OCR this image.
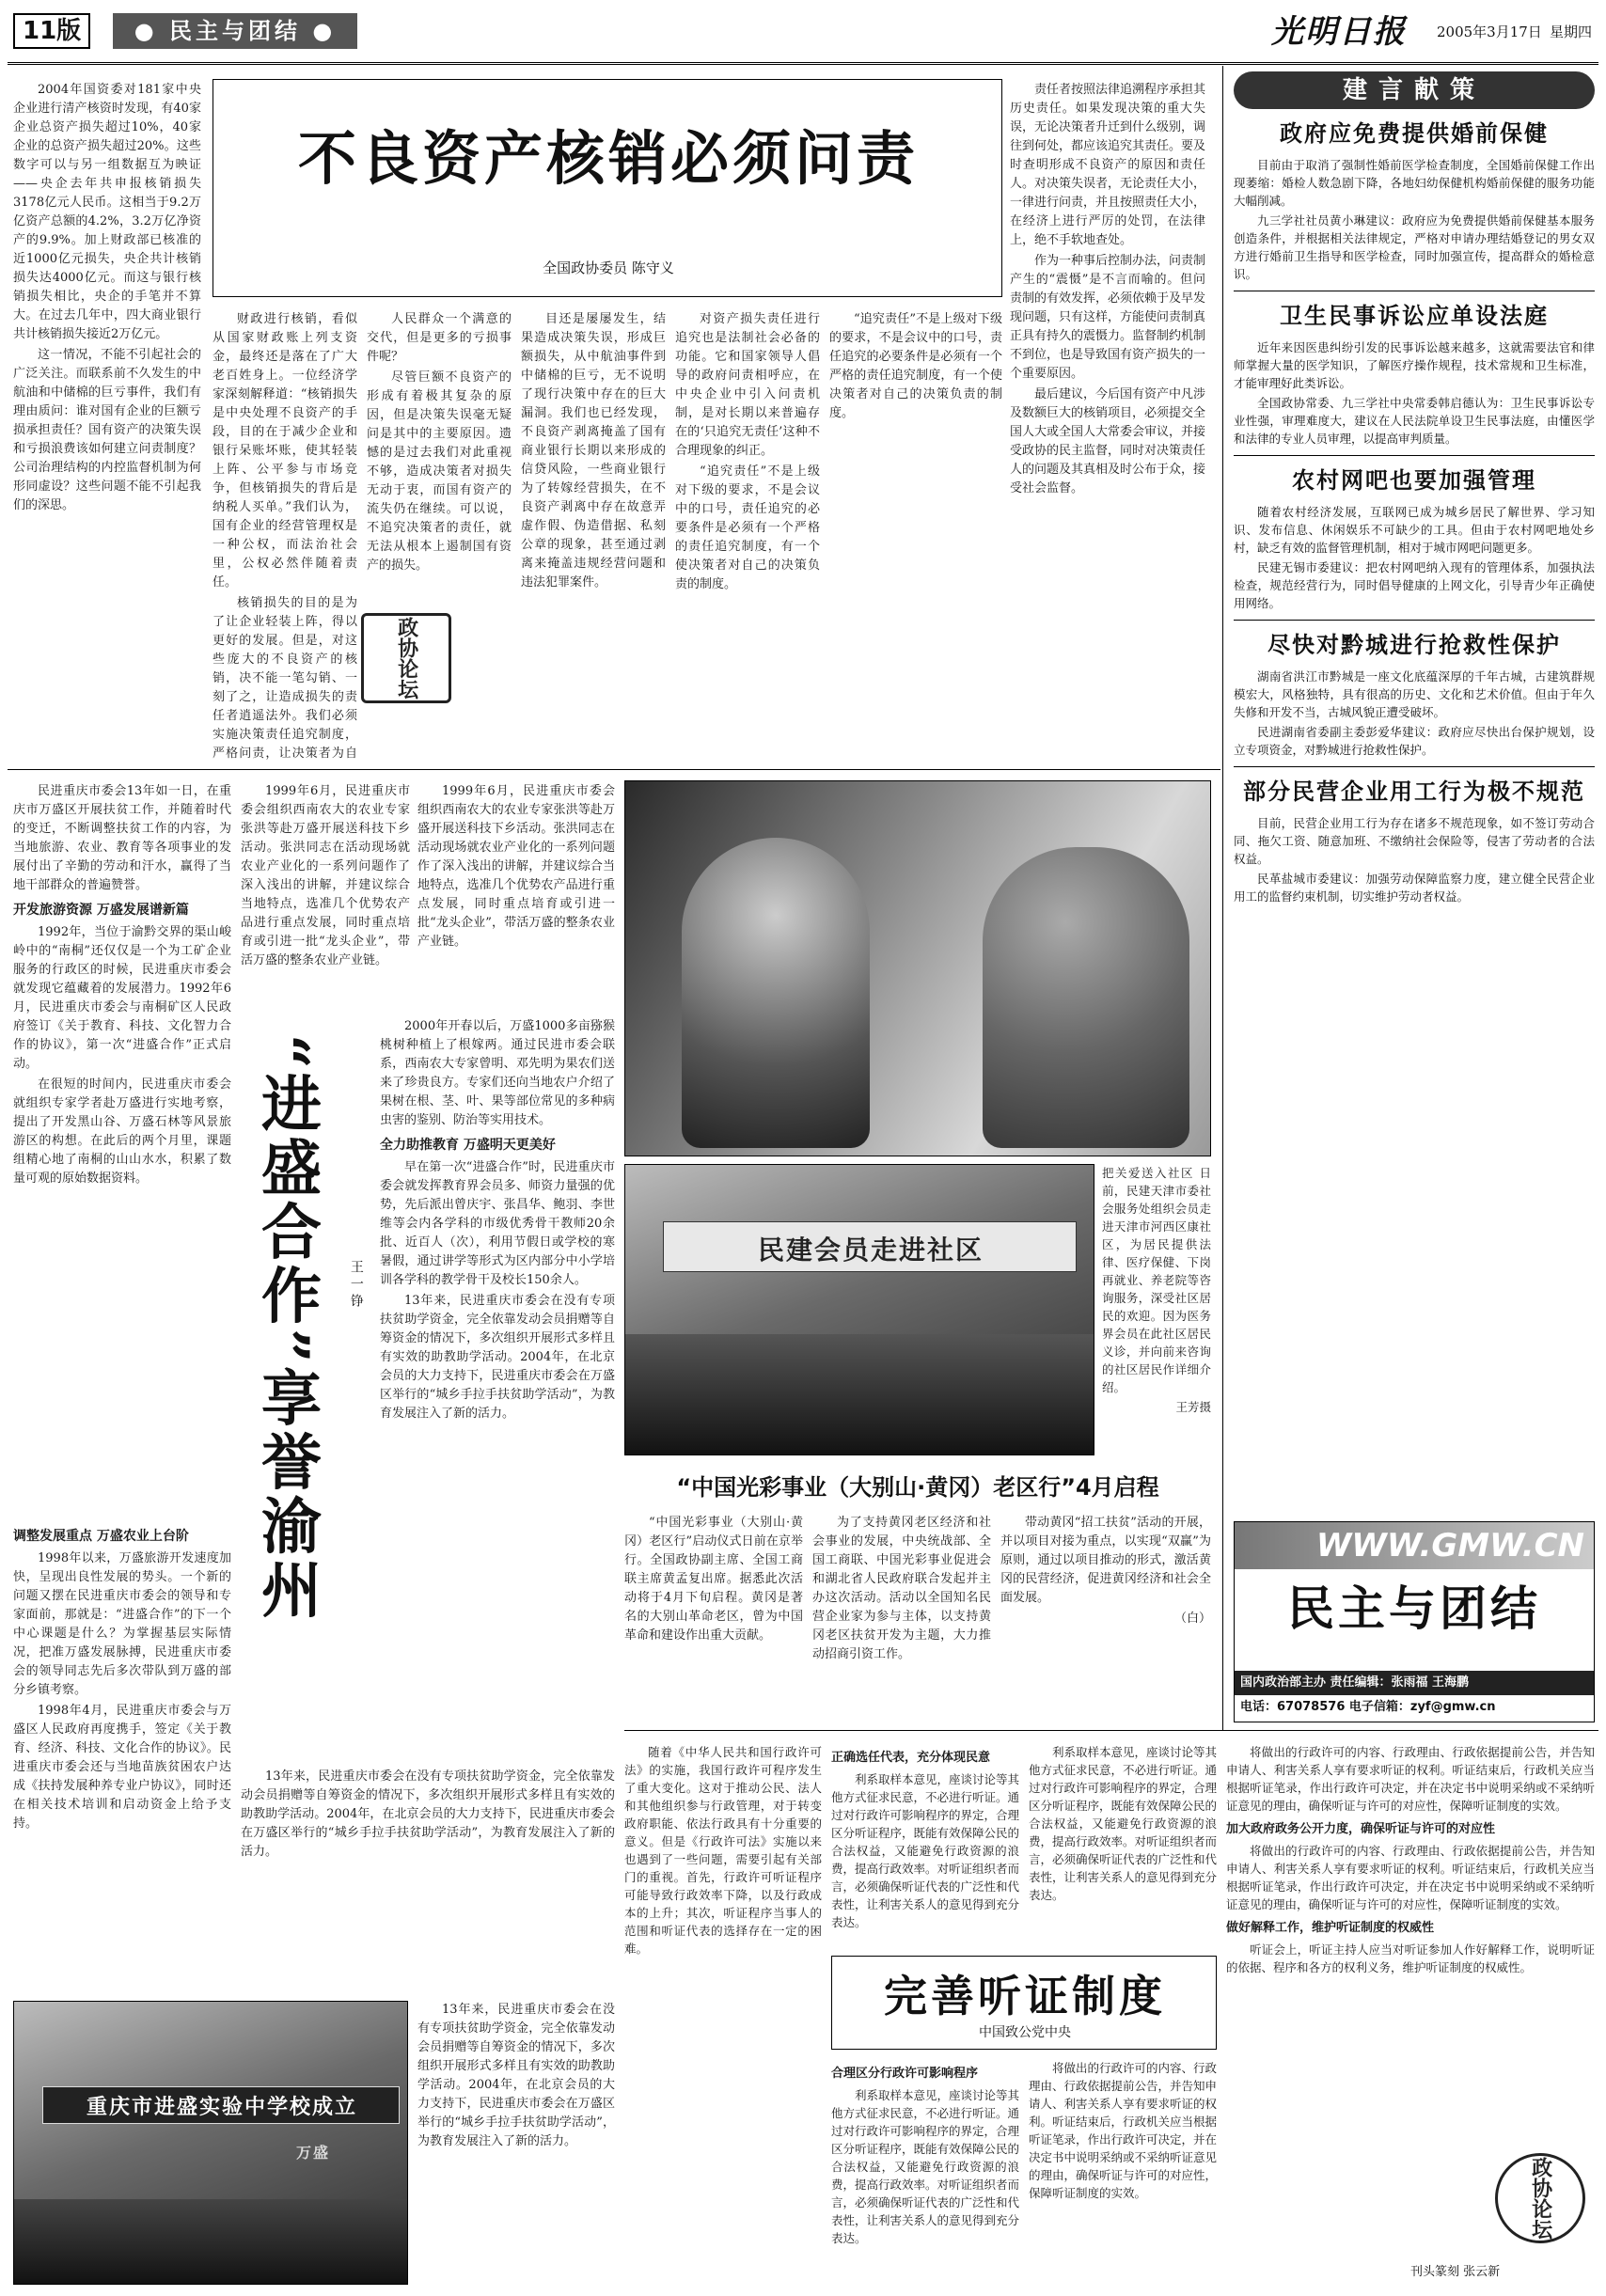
11版	● 民主与团结 ●	光明日报 2005年3月17日 星期四

2004年国资委对181家中央企业进行清产核资时发现，有40家企业总资产损失超过10%，40家企业的总资产损失超过20%。这些数字可以与另一组数据互为映证——央企去年共申报核销损失3178亿元人民币。这相当于9.2万亿资产总额的4.2%，3.2万亿净资产的9.9%。加上财政部已核准的近1000亿元损失，央企共计核销损失达4000亿元。而这与银行核销损失相比，央企的手笔并不算大。在过去几年中，四大商业银行共计核销损失接近2万亿元。

这一情况，不能不引起社会的广泛关注。而联系前不久发生的中航油和中储棉的巨亏事件，我们有理由质问：谁对国有企业的巨额亏损承担责任？国有资产的决策失误和亏损浪费该如何建立问责制度？公司治理结构的内控监督机制为何形同虚设？这些问题不能不引起我们的深思。

不良资产核销必须问责
全国政协委员 陈守义

财政进行核销，看似从国家财政账上列支资金，最终还是落在了广大老百姓身上。一位经济学家深刻解释道：“核销损失是中央处理不良资产的手段，目的在于减少企业和银行呆账坏账，使其轻装上阵、公平参与市场竞争，但核销损失的背后是纳税人买单。”我们认为，国有企业的经营管理权是一种公权，而法治社会里，公权必然伴随着责任。

核销损失的目的是为了让企业轻装上阵，得以更好的发展。但是，对这些庞大的不良资产的核销，决不能一笔勾销、一刻了之，让造成损失的责任者逍遥法外。我们必须实施决策责任追究制度，严格问责，让决策者为自

人民群众一个满意的交代，但是更多的亏损事件呢？

尽管巨额不良资产的形成有着极其复杂的原因，但是决策失误毫无疑问是其中的主要原因。遗憾的是过去我们对此重视不够，造成决策者对损失无动于衷，而国有资产的流失仍在继续。可以说，不追究决策者的责任，就无法从根本上遏制国有资产的损失。

政协论坛

目还是屡屡发生，结果造成决策失误，形成巨额损失，从中航油事件到中储棉的巨亏，无不说明了现行决策中存在的巨大漏洞。我们也已经发现，不良资产剥离掩盖了国有商业银行长期以来形成的信贷风险，一些商业银行为了转嫁经营损失，在不良资产剥离中存在故意弄虚作假、伪造借据、私刻公章的现象，甚至通过剥离来掩盖违规经营问题和违法犯罪案件。

对资产损失责任进行追究也是法制社会必备的功能。它和国家领导人倡导的政府问责相呼应，在中央企业中引入问责机制，是对长期以来普遍存在的‘只追究无责任’这种不合理现象的纠正。

“追究责任”不是上级对下级的要求，不是会议中的口号，责任追究的必要条件是必须有一个严格的责任追究制度，有一个使决策者对自己的决策负责的制度。

责任者按照法律追溯程序承担其历史责任。如果发现决策的重大失误，无论决策者升迁到什么级别，调往到何处，都应该追究其责任。要及时查明形成不良资产的原因和责任人。对决策失误者，无论责任大小，一律进行问责，并且按照责任大小，在经济上进行严厉的处罚，在法律上，绝不手软地查处。

作为一种事后控制办法，问责制产生的“震慑”是不言而喻的。但问责制的有效发挥，必须依赖于及早发现问题，只有这样，方能使问责制真正具有持久的震慑力。监督制约机制不到位，也是导致国有资产损失的一个重要原因。

最后建议，今后国有资产中凡涉及数额巨大的核销项目，必须提交全国人大或全国人大常委会审议，并接受政协的民主监督，同时对决策责任人的问题及其真相及时公布于众，接受社会监督。

“追究责任”不是上级对下级的要求，不是会议中的口号，责任追究的必要条件是必须有一个严格的责任追究制度，有一个使决策者对自己的决策负责的制度。

民进重庆市委会13年如一日，在重庆市万盛区开展扶贫工作，并随着时代的变迁，不断调整扶贫工作的内容，为当地旅游、农业、教育等各项事业的发展付出了辛勤的劳动和汗水，赢得了当地干部群众的普遍赞誉。

开发旅游资源 万盛发展谱新篇

1992年，当位于渝黔交界的渠山峻岭中的“南桐”还仅仅是一个为工矿企业服务的行政区的时候，民进重庆市委会就发现它蕴藏着的发展潜力。1992年6月，民进重庆市委会与南桐矿区人民政府签订《关于教育、科技、文化智力合作的协议》，第一次“进盛合作”正式启动。

在很短的时间内，民进重庆市委会就组织专家学者赴万盛进行实地考察，提出了开发黑山谷、万盛石林等风景旅游区的构想。在此后的两个月里，课题组精心地了南桐的山山水水，积累了数量可观的原始数据资料。	“进盛合作”享誉渝州	王一铮
调整发展重点 万盛农业上台阶

1998年以来，万盛旅游开发速度加快，呈现出良性发展的势头。一个新的问题又摆在民进重庆市委会的领导和专家面前，那就是：“进盛合作”的下一个中心课题是什么？为掌握基层实际情况，把准万盛发展脉搏，民进重庆市委会的领导同志先后多次带队到万盛的部分乡镇考察。

1998年4月，民进重庆市委会与万盛区人民政府再度携手，签定《关于教育、经济、科技、文化合作的协议》。民进重庆市委会还与当地苗族贫困农户达成《扶持发展种养专业户协议》，同时还在相关技术培训和启动资金上给予支持。

1999年6月，民进重庆市委会组织西南农大的农业专家张洪等赴万盛开展送科技下乡活动。张洪同志在活动现场就农业产业化的一系列问题作了深入浅出的讲解，并建议综合当地特点，选准几个优势农产品进行重点发展，同时重点培育或引进一批“龙头企业”，带活万盛的整条农业产业链。

2000年开春以后，万盛1000多亩猕猴桃树种植上了根嫁两。通过民进市委会联系，西南农大专家曾明、邓先明为果农们送来了珍贵良方。专家们还向当地农户介绍了果树在根、茎、叶、果等部位常见的多种病虫害的鉴别、防治等实用技术。

全力助推教育 万盛明天更美好

早在第一次“进盛合作”时，民进重庆市委会就发挥教育界会员多、师资力量强的优势，先后派出曾庆宇、张昌华、鲍羽、李世维等会内各学科的市级优秀骨干教师20余批、近百人（次），利用节假日或学校的寒暑假，通过讲学等形式为区内部分中小学培训各学科的教学骨干及校长150余人。

13年来，民进重庆市委会在没有专项扶贫助学资金，完全依靠发动会员捐赠等自筹资金的情况下，多次组织开展形式多样且有实效的助教助学活动。2004年，在北京会员的大力支持下，民进重庆市委会在万盛区举行的“城乡手拉手扶贫助学活动”，为教育发展注入了新的活力。

1999年6月，民进重庆市委会组织西南农大的农业专家张洪等赴万盛开展送科技下乡活动。张洪同志在活动现场就农业产业化的一系列问题作了深入浅出的讲解，并建议综合当地特点，选准几个优势农产品进行重点发展，同时重点培育或引进一批“龙头企业”，带活万盛的整条农业产业链。

13年来，民进重庆市委会在没有专项扶贫助学资金，完全依靠发动会员捐赠等自筹资金的情况下，多次组织开展形式多样且有实效的助教助学活动。2004年，在北京会员的大力支持下，民进重庆市委会在万盛区举行的“城乡手拉手扶贫助学活动”，为教育发展注入了新的活力。

重庆市进盛实验中学校成立
万盛

13年来，民进重庆市委会在没有专项扶贫助学资金，完全依靠发动会员捐赠等自筹资金的情况下，多次组织开展形式多样且有实效的助教助学活动。2004年，在北京会员的大力支持下，民进重庆市委会在万盛区举行的“城乡手拉手扶贫助学活动”，为教育发展注入了新的活力。

民建会员走进社区

把关爱送入社区 日前，民建天津市委社会服务处组织会员走进天津市河西区康社区，为居民提供法律、医疗保健、下岗再就业、养老院等咨询服务，深受社区居民的欢迎。因为医务界会员在此社区居民义诊，并向前来咨询的社区居民作详细介绍。

王芳摄

“中国光彩事业（大别山·黄冈）老区行”4月启程

“中国光彩事业（大别山·黄冈）老区行”启动仪式日前在京举行。全国政协副主席、全国工商联主席黄孟复出席。据悉此次活动将于4月下旬启程。黄冈是著名的大别山革命老区，曾为中国革命和建设作出重大贡献。

为了支持黄冈老区经济和社会事业的发展，中央统战部、全国工商联、中国光彩事业促进会和湖北省人民政府联合发起并主办这次活动。活动以全国知名民营企业家为参与主体，以支持黄冈老区扶贫开发为主题，大力推动招商引资工作。

带动黄冈“招工扶贫”活动的开展，并以项目对接为重点，以实现“双赢”为原则，通过以项目推动的形式，激活黄冈的民营经济，促进黄冈经济和社会全面发展。

（白）

随着《中华人民共和国行政许可法》的实施，我国行政许可程序发生了重大变化。这对于推动公民、法人和其他组织参与行政管理，对于转变政府职能、依法行政具有十分重要的意义。但是《行政许可法》实施以来也遇到了一些问题，需要引起有关部门的重视。首先，行政许可听证程序可能导致行政效率下降，以及行政成本的上升；其次，听证程序当事人的范围和听证代表的选择存在一定的困难。

正确选任代表，充分体现民意

利系取样本意见，座谈讨论等其他方式征求民意，不必进行听证。通过对行政许可影响程序的界定，合理区分听证程序，既能有效保障公民的合法权益，又能避免行政资源的浪费，提高行政效率。对听证组织者而言，必须确保听证代表的广泛性和代表性，让利害关系人的意见得到充分表达。

利系取样本意见，座谈讨论等其他方式征求民意，不必进行听证。通过对行政许可影响程序的界定，合理区分听证程序，既能有效保障公民的合法权益，又能避免行政资源的浪费，提高行政效率。对听证组织者而言，必须确保听证代表的广泛性和代表性，让利害关系人的意见得到充分表达。

完善听证制度
中国致公党中央
合理区分行政许可影响程序

利系取样本意见，座谈讨论等其他方式征求民意，不必进行听证。通过对行政许可影响程序的界定，合理区分听证程序，既能有效保障公民的合法权益，又能避免行政资源的浪费，提高行政效率。对听证组织者而言，必须确保听证代表的广泛性和代表性，让利害关系人的意见得到充分表达。

将做出的行政许可的内容、行政理由、行政依据提前公告，并告知申请人、利害关系人享有要求听证的权利。听证结束后，行政机关应当根据听证笔录，作出行政许可决定，并在决定书中说明采纳或不采纳听证意见的理由，确保听证与许可的对应性，保障听证制度的实效。

将做出的行政许可的内容、行政理由、行政依据提前公告，并告知申请人、利害关系人享有要求听证的权利。听证结束后，行政机关应当根据听证笔录，作出行政许可决定，并在决定书中说明采纳或不采纳听证意见的理由，确保听证与许可的对应性，保障听证制度的实效。

加大政府政务公开力度，确保听证与许可的对应性

将做出的行政许可的内容、行政理由、行政依据提前公告，并告知申请人、利害关系人享有要求听证的权利。听证结束后，行政机关应当根据听证笔录，作出行政许可决定，并在决定书中说明采纳或不采纳听证意见的理由，确保听证与许可的对应性，保障听证制度的实效。

做好解释工作，维护听证制度的权威性

听证会上，听证主持人应当对听证参加人作好解释工作，说明听证的依据、程序和各方的权利义务，维护听证制度的权威性。

政协论坛
刊头篆刻 张云新
建言献策
政府应免费提供婚前保健

目前由于取消了强制性婚前医学检查制度，全国婚前保健工作出现萎缩：婚检人数急剧下降，各地妇幼保健机构婚前保健的服务功能大幅削减。

九三学社社员黄小琳建议：政府应为免费提供婚前保健基本服务创造条件，并根据相关法律规定，严格对申请办理结婚登记的男女双方进行婚前卫生指导和医学检查，同时加强宣传，提高群众的婚检意识。

卫生民事诉讼应单设法庭

近年来因医患纠纷引发的民事诉讼越来越多，这就需要法官和律师掌握大量的医学知识，了解医疗操作规程，技术常规和卫生标准，才能审理好此类诉讼。

全国政协常委、九三学社中央常委韩启德认为：卫生民事诉讼专业性强，审理难度大，建议在人民法院单设卫生民事法庭，由懂医学和法律的专业人员审理，以提高审判质量。

农村网吧也要加强管理

随着农村经济发展，互联网已成为城乡居民了解世界、学习知识、发布信息、休闲娱乐不可缺少的工具。但由于农村网吧地处乡村，缺乏有效的监督管理机制，相对于城市网吧问题更多。

民建无锡市委建议：把农村网吧纳入现有的管理体系，加强执法检查，规范经营行为，同时倡导健康的上网文化，引导青少年正确使用网络。

尽快对黔城进行抢救性保护

湖南省洪江市黔城是一座文化底蕴深厚的千年古城，古建筑群规模宏大，风格独特，具有很高的历史、文化和艺术价值。但由于年久失修和开发不当，古城风貌正遭受破坏。

民进湖南省委副主委彭爱华建议：政府应尽快出台保护规划，设立专项资金，对黔城进行抢救性保护。

部分民营企业用工行为极不规范

目前，民营企业用工行为存在诸多不规范现象，如不签订劳动合同、拖欠工资、随意加班、不缴纳社会保险等，侵害了劳动者的合法权益。

民革盐城市委建议：加强劳动保障监察力度，建立健全民营企业用工的监督约束机制，切实维护劳动者权益。

WWW.GMW.CN
民主与团结
国内政治部主办 责任编辑：张雨福 王海鹏
电话：67078576 电子信箱：zyf@gmw.cn
